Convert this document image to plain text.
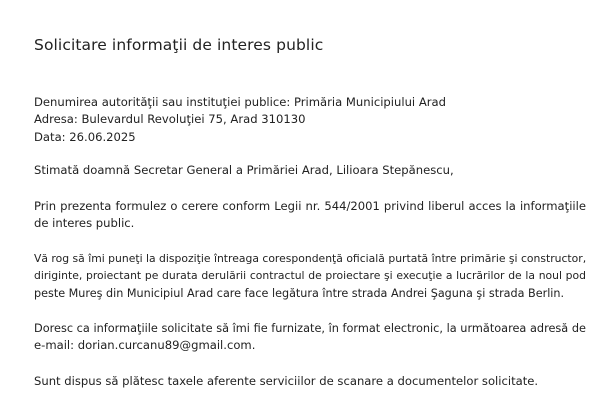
Solicitare informaţii de interes public
Denumirea autorităţii sau instituţiei publice: Primăria Municipiului Arad
Adresa: Bulevardul Revoluţiei 75, Arad 310130
Data: 26.06.2025
Stimată doamnă Secretar General a Primăriei Arad, Lilioara Stepănescu,
Prin prezenta formulez o cerere conform Legii nr. 544/2001 privind liberul acces la informaţiile
de interes public.
Vă rog să îmi puneţi la dispoziţie întreaga corespondenţă oficială purtată între primărie şi constructor,
diriginte, proiectant pe durata derulării contractul de proiectare şi execuţie a lucrărilor de la noul pod
peste Mureş din Municipiul Arad care face legătura între strada Andrei Şaguna şi strada Berlin.
Doresc ca informaţiile solicitate să îmi fie furnizate, în format electronic, la următoarea adresă de
e-mail: dorian.curcanu89@gmail.com.
Sunt dispus să plătesc taxele aferente serviciilor de scanare a documentelor solicitate.
